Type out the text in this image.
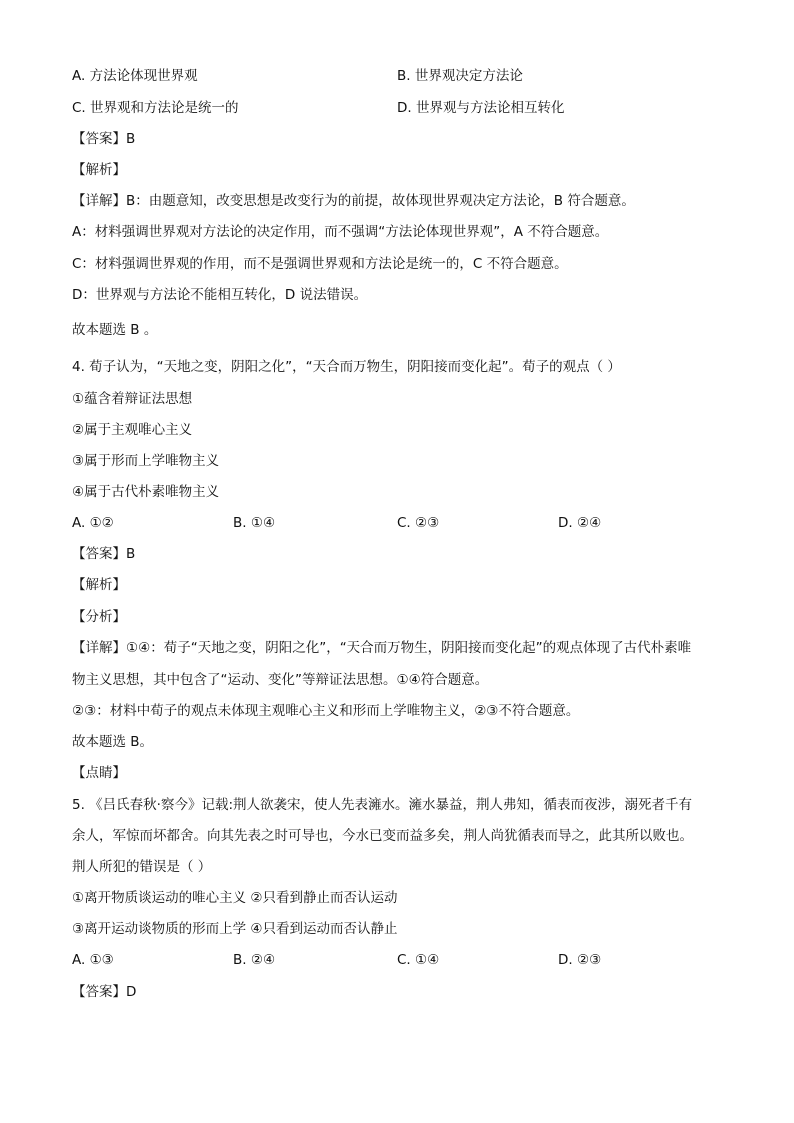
A. 方法论体现世界观	B. 世界观决定方法论
C. 世界观和方法论是统一的	D. 世界观与方法论相互转化
【答案】B
【解析】
【详解】B：由题意知，改变思想是改变行为的前提，故体现世界观决定方法论，B 符合题意。
A：材料强调世界观对方法论的决定作用，而不强调“方法论体现世界观”，A 不符合题意。
C：材料强调世界观的作用，而不是强调世界观和方法论是统一的，C 不符合题意。
D：世界观与方法论不能相互转化，D 说法错误。
故本题选 B 。
4. 荀子认为，“天地之变，阴阳之化”，“天合而万物生，阴阳接而变化起”。荀子的观点（ ）
①蕴含着辩证法思想
②属于主观唯心主义
③属于形而上学唯物主义
④属于古代朴素唯物主义
A. ①②	B. ①④	C. ②③	D. ②④
【答案】B
【解析】
【分析】
【详解】①④：荀子“天地之变，阴阳之化”，“天合而万物生，阴阳接而变化起”的观点体现了古代朴素唯
物主义思想，其中包含了“运动、变化”等辩证法思想。①④符合题意。
②③：材料中荀子的观点未体现主观唯心主义和形而上学唯物主义，②③不符合题意。
故本题选 B。
【点睛】
5. 《吕氏春秋·察今》记载:荆人欲袭宋，使人先表澭水。澭水暴益，荆人弗知，循表而夜涉，溺死者千有
余人，军惊而坏都舍。向其先表之时可导也，今水已变而益多矣，荆人尚犹循表而导之，此其所以败也。
荆人所犯的错误是（ ）
①离开物质谈运动的唯心主义 ②只看到静止而否认运动
③离开运动谈物质的形而上学 ④只看到运动而否认静止
A. ①③	B. ②④	C. ①④	D. ②③
【答案】D
